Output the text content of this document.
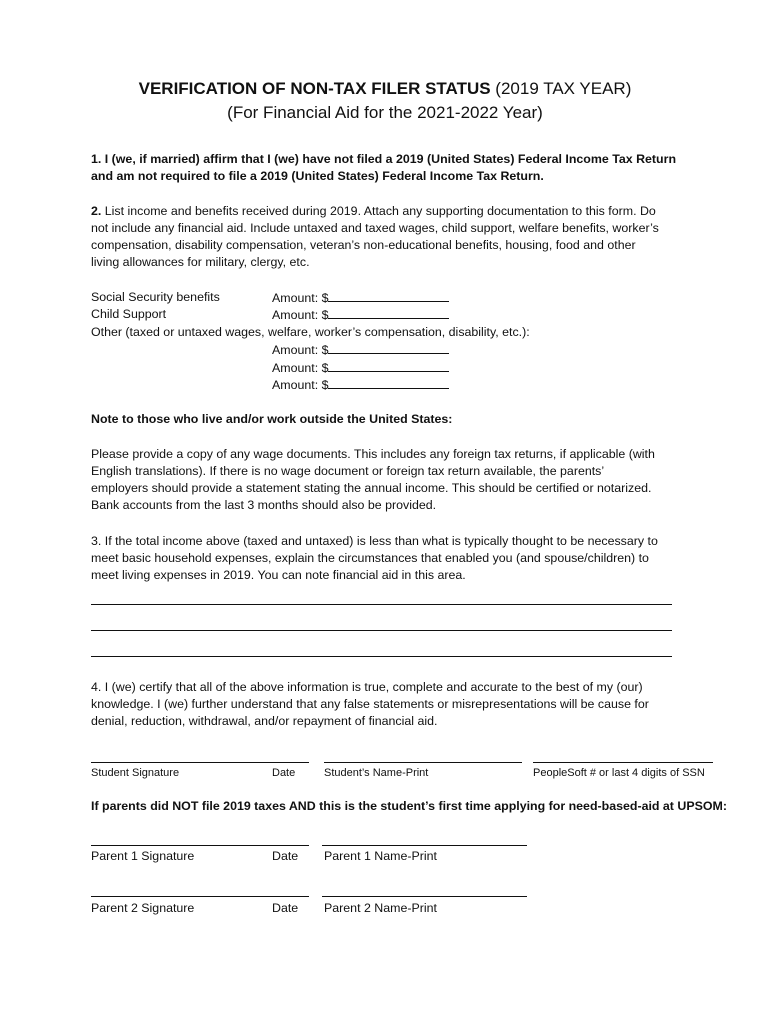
VERIFICATION OF NON-TAX FILER STATUS (2019 TAX YEAR)
(For Financial Aid for the 2021-2022 Year)
1. I (we, if married) affirm that I (we) have not filed a 2019 (United States) Federal Income Tax Return
and am not required to file a 2019 (United States) Federal Income Tax Return.
2. List income and benefits received during 2019. Attach any supporting documentation to this form. Do
not include any financial aid. Include untaxed and taxed wages, child support, welfare benefits, worker’s
compensation, disability compensation, veteran’s non-educational benefits, housing, food and other
living allowances for military, clergy, etc.
Social Security benefits	Amount: $
Child Support	Amount: $
Other (taxed or untaxed wages, welfare, worker’s compensation, disability, etc.):
Amount: $
Amount: $
Amount: $
Note to those who live and/or work outside the United States:
Please provide a copy of any wage documents. This includes any foreign tax returns, if applicable (with
English translations). If there is no wage document or foreign tax return available, the parents’
employers should provide a statement stating the annual income. This should be certified or notarized.
Bank accounts from the last 3 months should also be provided.
3. If the total income above (taxed and untaxed) is less than what is typically thought to be necessary to
meet basic household expenses, explain the circumstances that enabled you (and spouse/children) to
meet living expenses in 2019. You can note financial aid in this area.
4. I (we) certify that all of the above information is true, complete and accurate to the best of my (our)
knowledge. I (we) further understand that any false statements or misrepresentations will be cause for
denial, reduction, withdrawal, and/or repayment of financial aid.
Student Signature	Date	Student’s Name-Print	PeopleSoft # or last 4 digits of SSN
If parents did NOT file 2019 taxes AND this is the student’s first time applying for need-based-aid at UPSOM:
Parent 1 Signature	Date Parent 1 Name-Print
Parent 2 Signature	Date Parent 2 Name-Print
